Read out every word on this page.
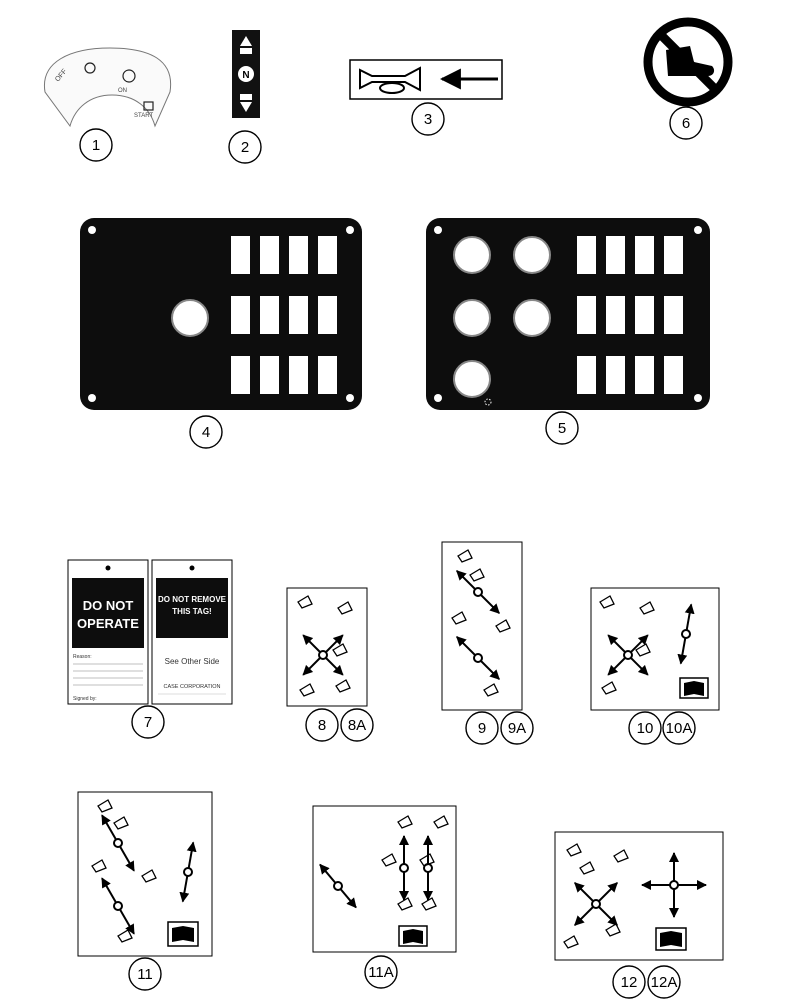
OFF
ON
START
N
DO NOT
OPERATE
Reason:
Signed by:
DO NOT REMOVE
THIS TAG!
See Other Side
CASE CORPORATION
1	2
3	6
4	5
7	8 8A	9 9A	10 10A
11	11A
12 12A
